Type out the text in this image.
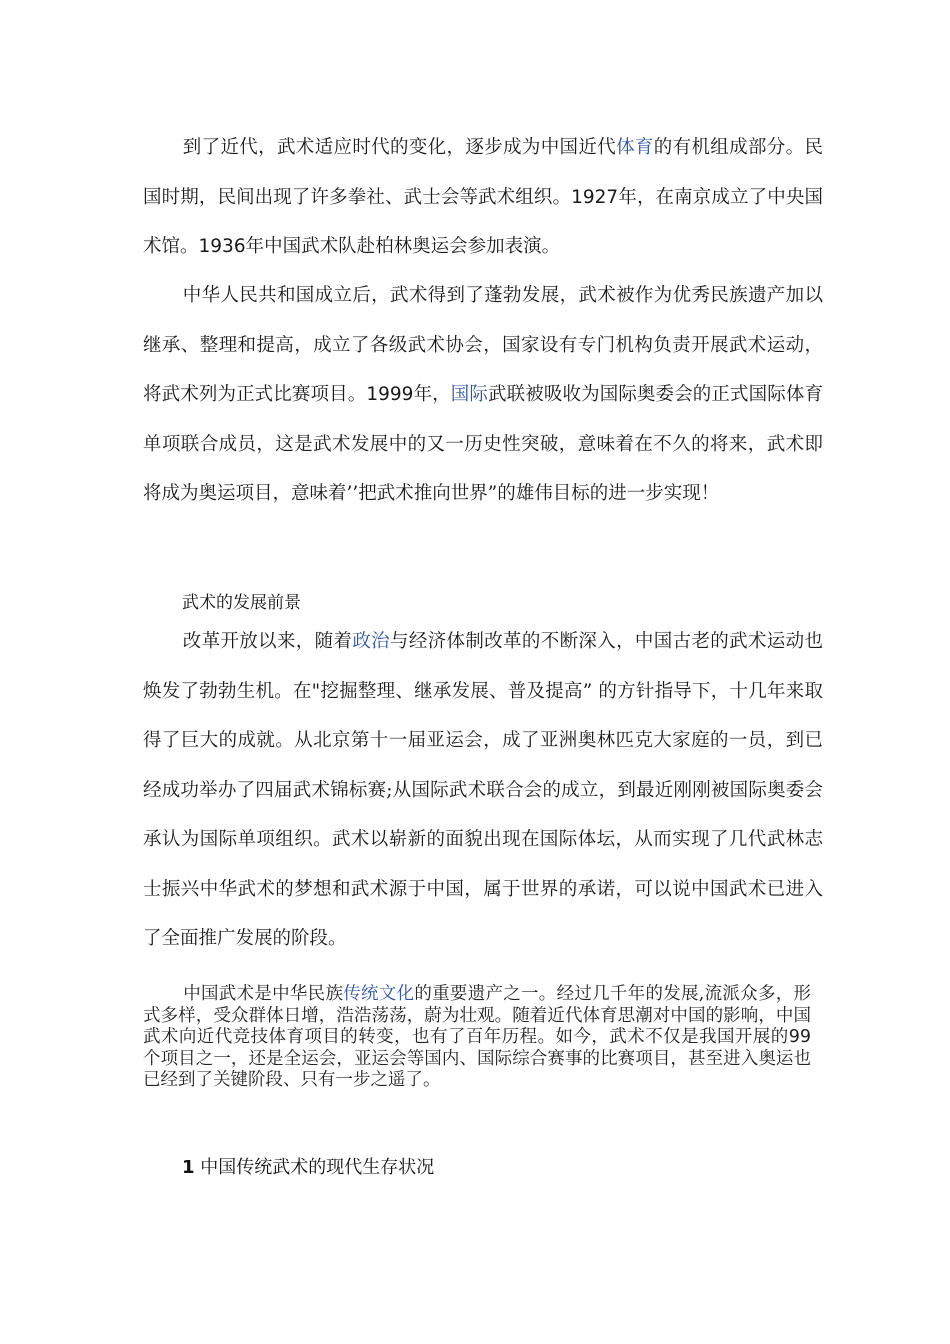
到了近代，武术适应时代的变化，逐步成为中国近代体育的有机组成部分。民国时期，民间出现了许多拳社、武士会等武术组织。1927年，在南京成立了中央国术馆。1936年中国武术队赴柏林奥运会参加表演。

中华人民共和国成立后，武术得到了蓬勃发展，武术被作为优秀民族遗产加以继承、整理和提高，成立了各级武术协会，国家设有专门机构负责开展武术运动，将武术列为正式比赛项目。1999年，国际武联被吸收为国际奥委会的正式国际体育单项联合成员，这是武术发展中的又一历史性突破，意味着在不久的将来，武术即将成为奥运项目，意味着’’把武术推向世界”的雄伟目标的进一步实现！

武术的发展前景

改革开放以来，随着政治与经济体制改革的不断深入，中国古老的武术运动也焕发了勃勃生机。在"挖掘整理、继承发展、普及提高” 的方针指导下，十几年来取得了巨大的成就。从北京第十一届亚运会，成了亚洲奥林匹克大家庭的一员，到已经成功举办了四届武术锦标赛;从国际武术联合会的成立，到最近刚刚被国际奥委会承认为国际单项组织。武术以崭新的面貌出现在国际体坛，从而实现了几代武林志士振兴中华武术的梦想和武术源于中国，属于世界的承诺，可以说中国武术已进入了全面推广发展的阶段。

中国武术是中华民族传统文化的重要遗产之一。经过几千年的发展,流派众多，形式多样，受众群体日增，浩浩荡荡，蔚为壮观。随着近代体育思潮对中国的影响，中国武术向近代竞技体育项目的转变，也有了百年历程。如今，武术不仅是我国开展的99个项目之一，还是全运会，亚运会等国内、国际综合赛事的比赛项目，甚至进入奥运也已经到了关键阶段、只有一步之遥了。

1 中国传统武术的现代生存状况
